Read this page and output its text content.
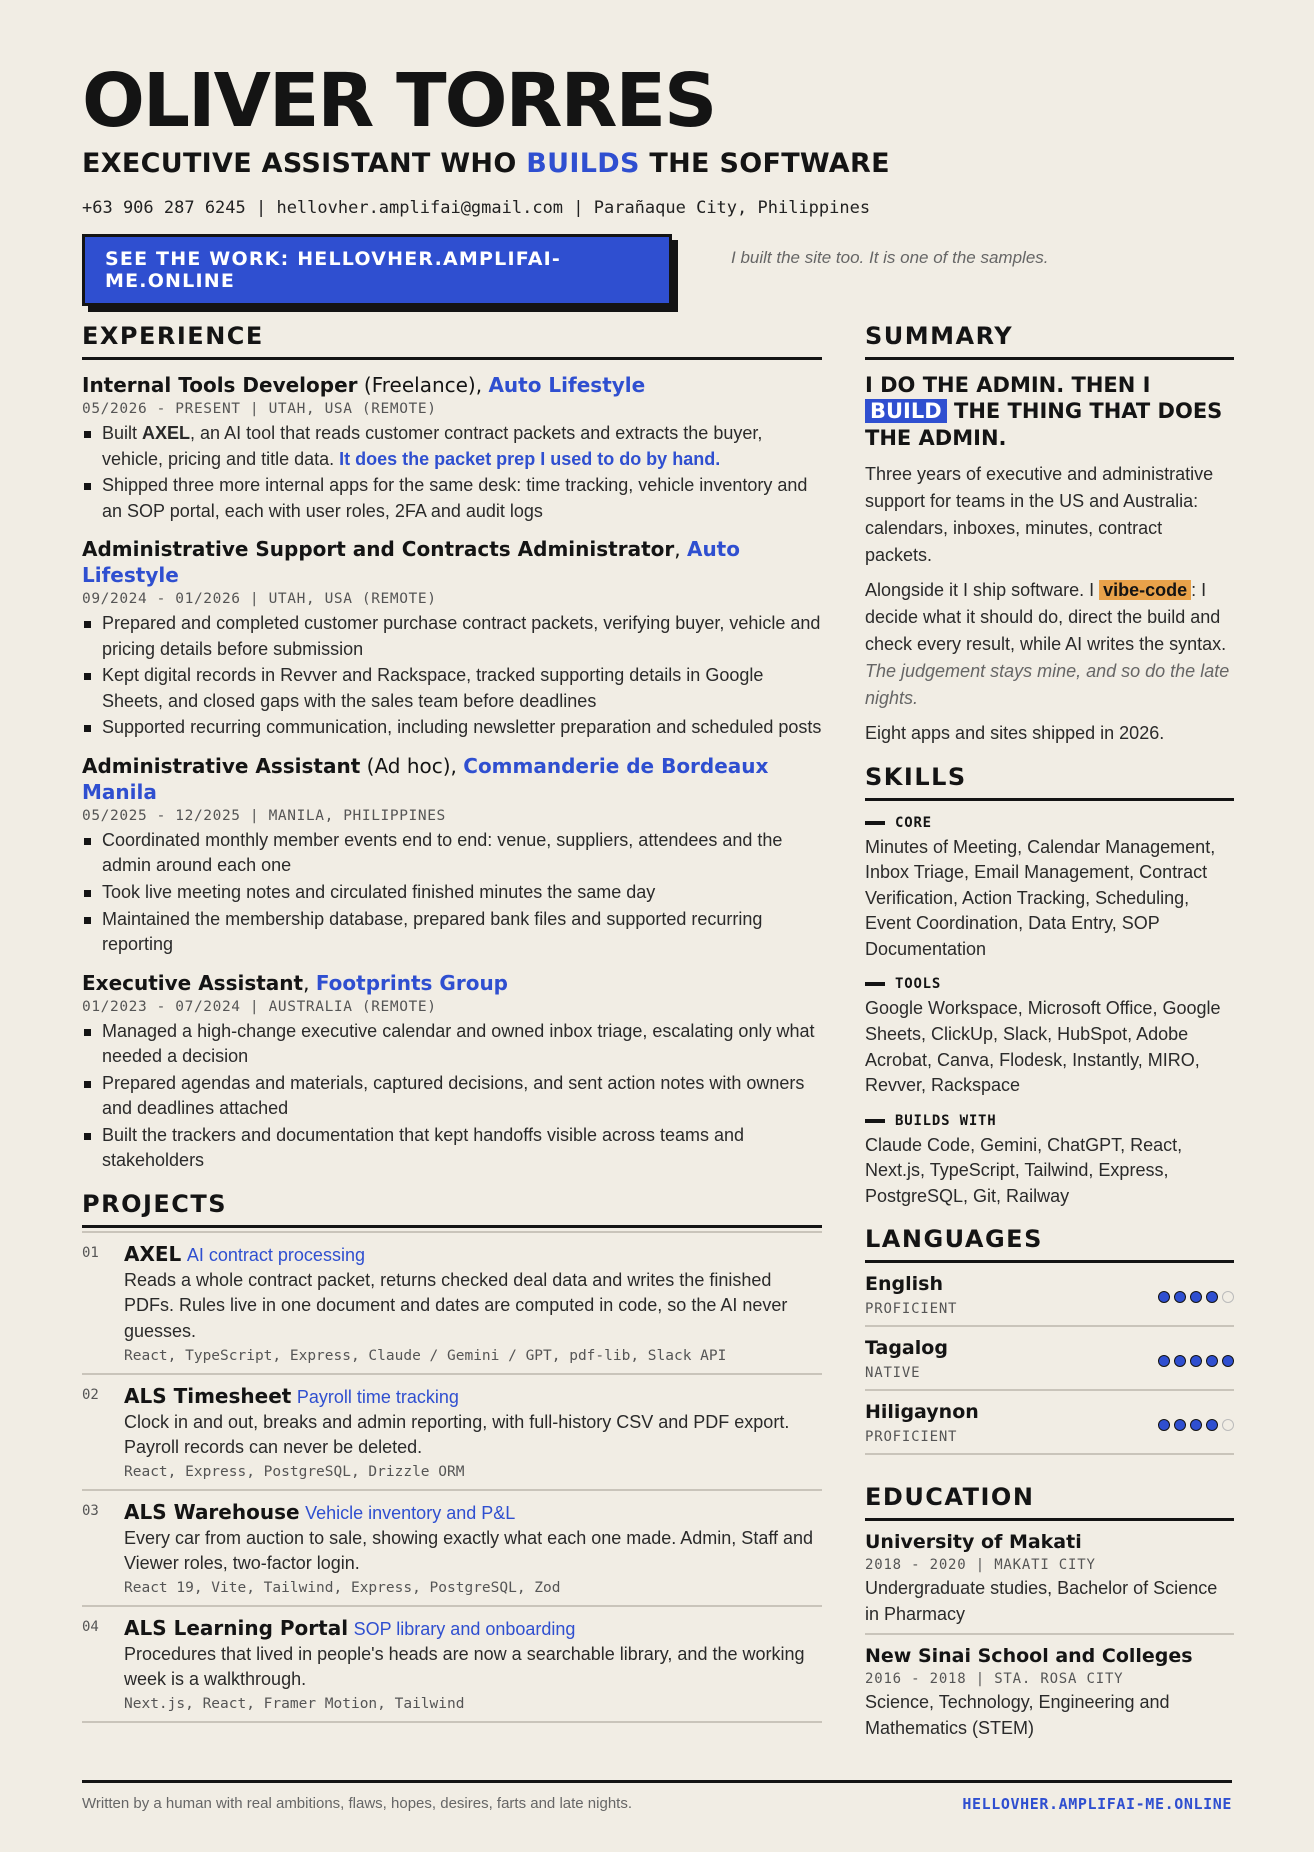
OLIVER TORRES
EXECUTIVE ASSISTANT WHO BUILDS THE SOFTWARE
+63 906 287 6245 | hellovher.amplifai@gmail.com | Parañaque City, Philippines
SEE THE WORK: HELLOVHER.AMPLIFAI-ME.ONLINE
I built the site too. It is one of the samples.
EXPERIENCE
Internal Tools Developer (Freelance), Auto Lifestyle
05/2026 - PRESENT | UTAH, USA (REMOTE)
Built AXEL, an AI tool that reads customer contract packets and extracts the buyer, vehicle, pricing and title data. It does the packet prep I used to do by hand.
Shipped three more internal apps for the same desk: time tracking, vehicle inventory and an SOP portal, each with user roles, 2FA and audit logs
Administrative Support and Contracts Administrator, Auto Lifestyle
09/2024 - 01/2026 | UTAH, USA (REMOTE)
Prepared and completed customer purchase contract packets, verifying buyer, vehicle and pricing details before submission
Kept digital records in Revver and Rackspace, tracked supporting details in Google Sheets, and closed gaps with the sales team before deadlines
Supported recurring communication, including newsletter preparation and scheduled posts
Administrative Assistant (Ad hoc), Commanderie de Bordeaux Manila
05/2025 - 12/2025 | MANILA, PHILIPPINES
Coordinated monthly member events end to end: venue, suppliers, attendees and the admin around each one
Took live meeting notes and circulated finished minutes the same day
Maintained the membership database, prepared bank files and supported recurring reporting
Executive Assistant, Footprints Group
01/2023 - 07/2024 | AUSTRALIA (REMOTE)
Managed a high-change executive calendar and owned inbox triage, escalating only what needed a decision
Prepared agendas and materials, captured decisions, and sent action notes with owners and deadlines attached
Built the trackers and documentation that kept handoffs visible across teams and stakeholders
PROJECTS
01	AXEL AI contract processing
Reads a whole contract packet, returns checked deal data and writes the finished PDFs. Rules live in one document and dates are computed in code, so the AI never guesses.
React, TypeScript, Express, Claude / Gemini / GPT, pdf-lib, Slack API
02	ALS Timesheet Payroll time tracking
Clock in and out, breaks and admin reporting, with full-history CSV and PDF export. Payroll records can never be deleted.
React, Express, PostgreSQL, Drizzle ORM
03	ALS Warehouse Vehicle inventory and P&L
Every car from auction to sale, showing exactly what each one made. Admin, Staff and Viewer roles, two-factor login.
React 19, Vite, Tailwind, Express, PostgreSQL, Zod
04	ALS Learning Portal SOP library and onboarding
Procedures that lived in people's heads are now a searchable library, and the working week is a walkthrough.
Next.js, React, Framer Motion, Tailwind
SUMMARY
I DO THE ADMIN. THEN I BUILD THE THING THAT DOES THE ADMIN.

Three years of executive and administrative support for teams in the US and Australia: calendars, inboxes, minutes, contract packets.

Alongside it I ship software. I vibe-code : I decide what it should do, direct the build and check every result, while AI writes the syntax. The judgement stays mine, and so do the late nights.

Eight apps and sites shipped in 2026.

SKILLS
CORE
Minutes of Meeting, Calendar Management, Inbox Triage, Email Management, Contract Verification, Action Tracking, Scheduling, Event Coordination, Data Entry, SOP Documentation
TOOLS
Google Workspace, Microsoft Office, Google Sheets, ClickUp, Slack, HubSpot, Adobe Acrobat, Canva, Flodesk, Instantly, MIRO, Revver, Rackspace
BUILDS WITH
Claude Code, Gemini, ChatGPT, React, Next.js, TypeScript, Tailwind, Express, PostgreSQL, Git, Railway
LANGUAGES
English
PROFICIENT
Tagalog
NATIVE
Hiligaynon
PROFICIENT
EDUCATION
University of Makati
2018 - 2020 | MAKATI CITY
Undergraduate studies, Bachelor of Science in Pharmacy
New Sinai School and Colleges
2016 - 2018 | STA. ROSA CITY
Science, Technology, Engineering and Mathematics (STEM)
Written by a human with real ambitions, flaws, hopes, desires, farts and late nights.	HELLOVHER.AMPLIFAI-ME.ONLINE
